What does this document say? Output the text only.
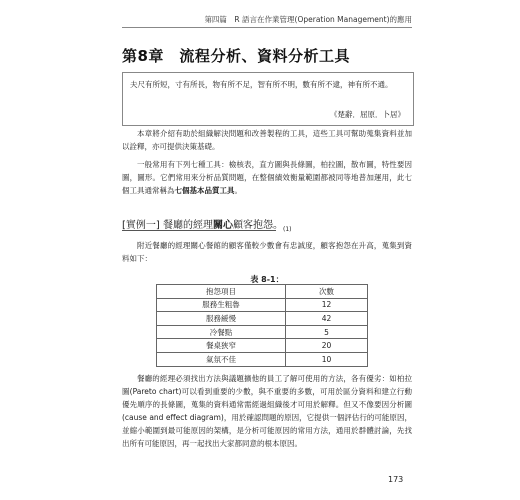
第四篇　R 語言在作業管理(Operation Management)的應用
第8章　流程分析、資料分析工具
夫尺有所短，寸有所長，物有所不足，智有所不明，數有所不逮，神有所不通。
《楚辭．屈原．卜居》

本章將介紹有助於組織解決問題和改善製程的工具，這些工具可幫助蒐集資料並加以詮釋，亦可提供決策基礎。

一般常用有下列七種工具：檢核表，直方圖與長條圖，柏拉圖，散布圖，特性要因圖，圖形。它們常用來分析品質問題，在整個績效衡量範圍都被同等地普加運用，此七個工具通常稱為七個基本品質工具。

[實例一] 餐廳的經理關心顧客抱怨。$_{(1)}$

附近餐廳的經理關心餐館的顧客僅較少數會有忠誠度，顧客抱怨在升高，蒐集到資料如下：

表 8-1：
抱怨項目	次數
服務生粗魯	12
服務緩慢	42
冷餐點	5
餐桌狹窄	20
氣氛不佳	10

餐廳的經理必須找出方法與議題擴他的員工了解可使用的方法，各有優劣：如柏拉圖(Pareto chart)可以看到重要的少數，與不重要的多數，可用於區分資料和建立行動優先順序的長條圖，蒐集的資料通常需經過組織後才可用於解釋。但又不像要因分析圖(cause and effect diagram)，用於確認問題的原因，它提供一個評估行的可能原因，並縮小範圍到最可能原因的架構，是分析可能原因的常用方法，通用於群體討論，先找出所有可能原因，再一起找出大家都同意的根本原因。

173
